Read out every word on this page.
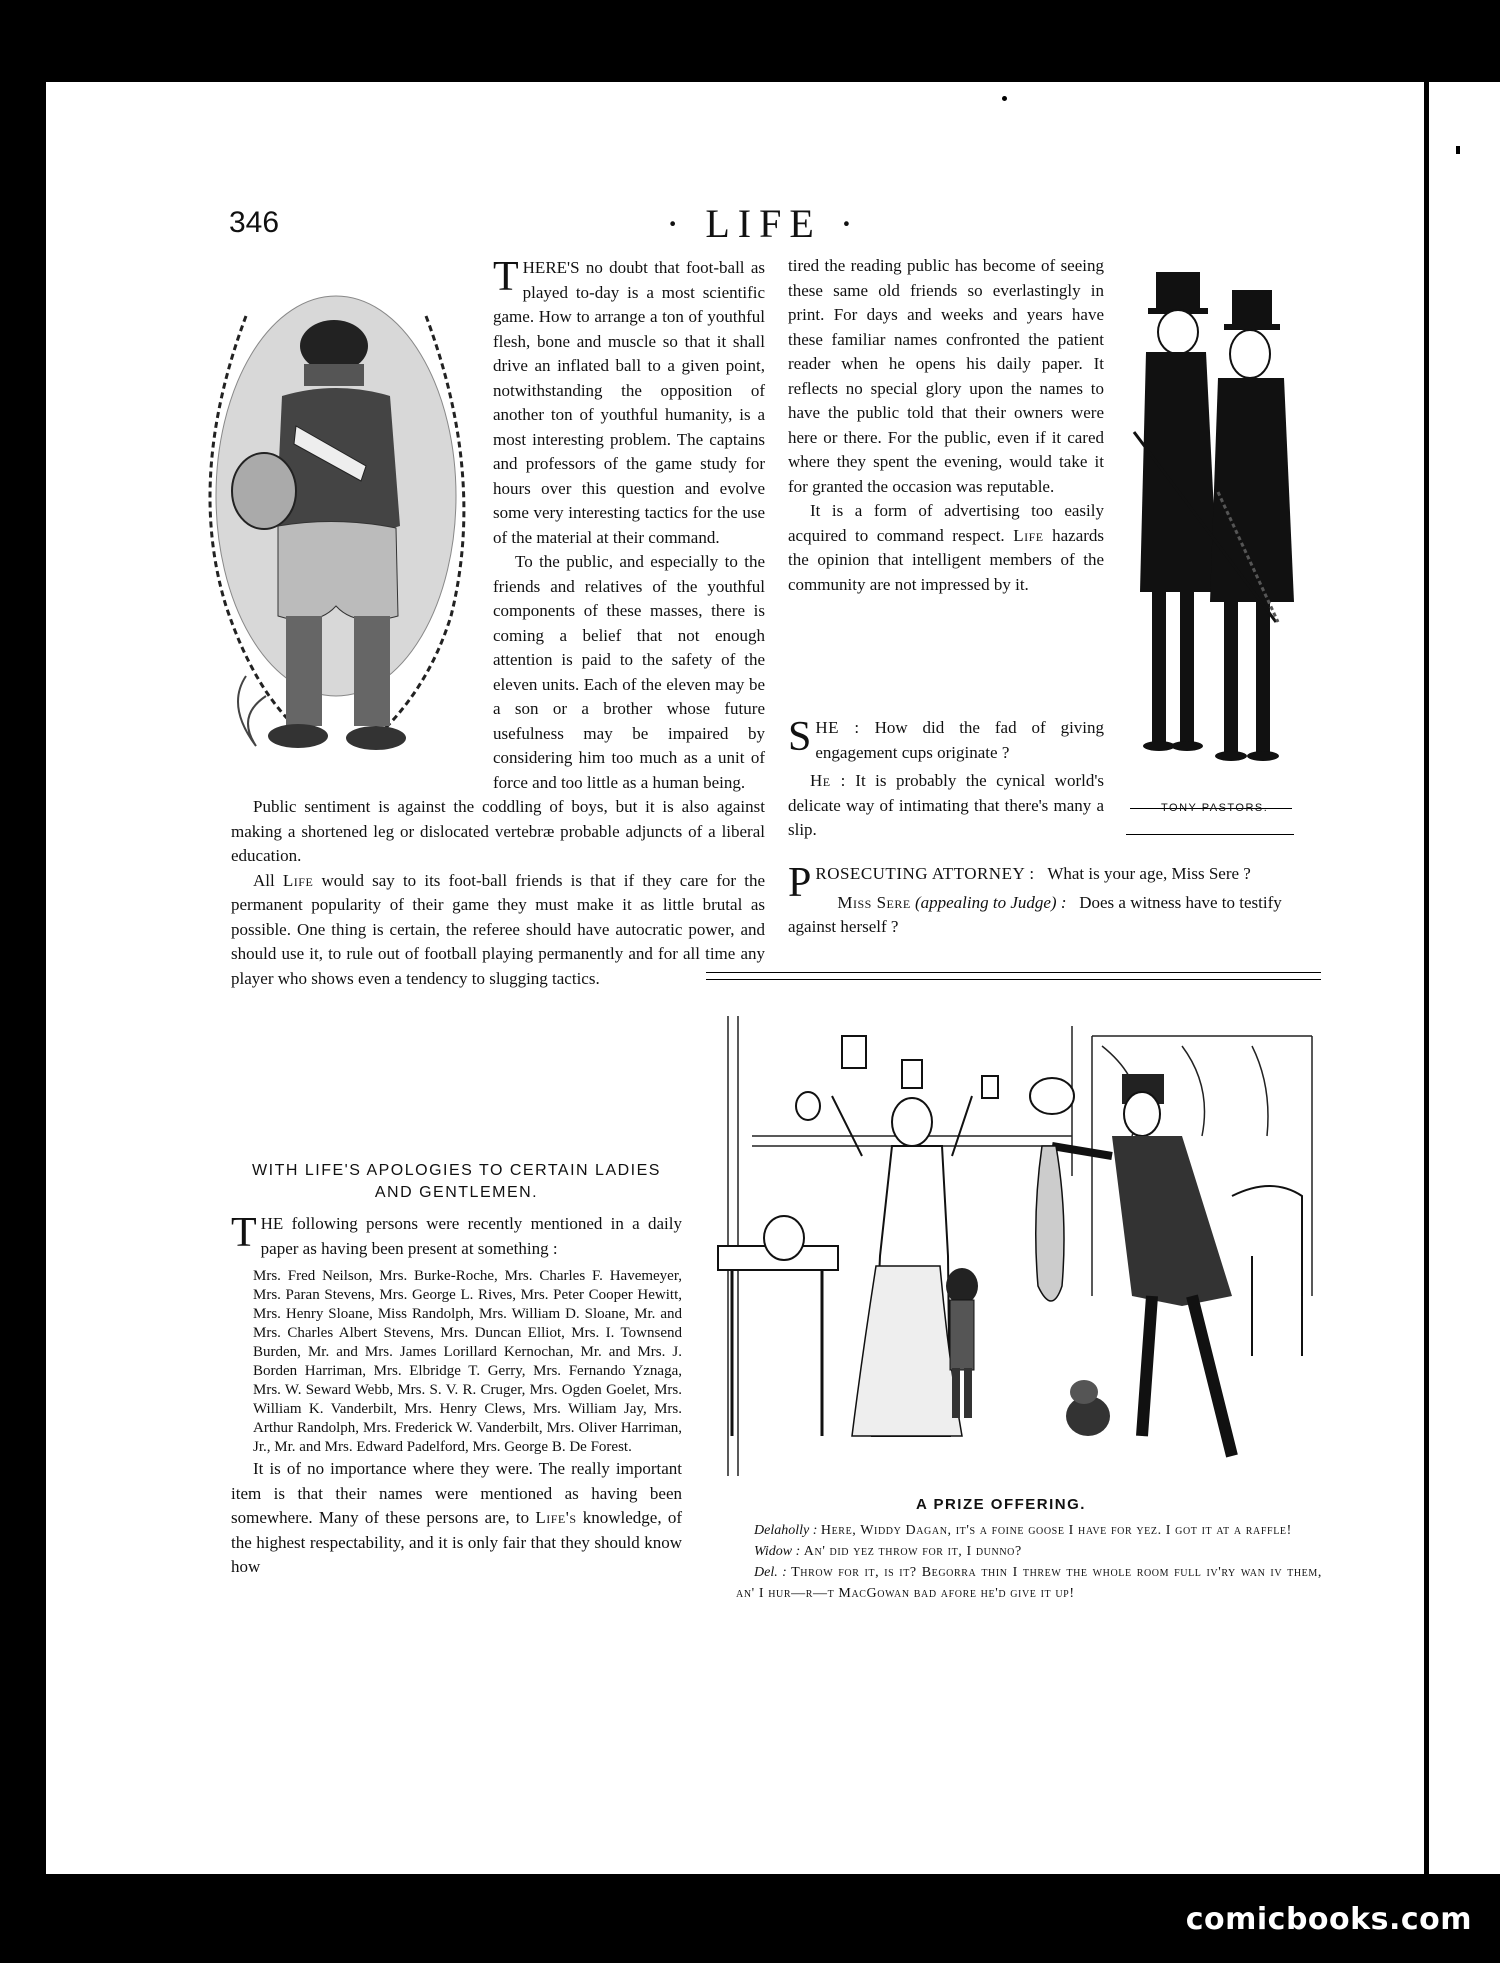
346	· LIFE ·

THERE'S no doubt that foot-ball as played to-day is a most scientific game. How to arrange a ton of youthful flesh, bone and muscle so that it shall drive an inflated ball to a given point, notwithstanding the opposition of another ton of youthful humanity, is a most interesting problem. The captains and professors of the game study for hours over this question and evolve some very interesting tactics for the use of the material at their command.

To the public, and especially to the friends and relatives of the youthful components of these masses, there is coming a belief that not enough attention is paid to the safety of the eleven units. Each of the eleven may be a son or a brother whose future usefulness may be impaired by considering him too much as a unit of force and too little as a human being.

Public sentiment is against the coddling of boys, but it is also against making a shortened leg or dislocated vertebræ probable adjuncts of a liberal education.

All Life would say to its foot-ball friends is that if they care for the permanent popularity of their game they must make it as little brutal as possible. One thing is certain, the referee should have autocratic power, and should use it, to rule out of football playing permanently and for all time any player who shows even a tendency to slugging tactics.

WITH LIFE'S APOLOGIES TO CERTAIN LADIES AND GENTLEMEN.

THE following persons were recently mentioned in a daily paper as having been present at something :

Mrs. Fred Neilson, Mrs. Burke-Roche, Mrs. Charles F. Havemeyer, Mrs. Paran Stevens, Mrs. George L. Rives, Mrs. Peter Cooper Hewitt, Mrs. Henry Sloane, Miss Randolph, Mrs. William D. Sloane, Mr. and Mrs. Charles Albert Stevens, Mrs. Duncan Elliot, Mrs. I. Townsend Burden, Mr. and Mrs. James Lorillard Kernochan, Mr. and Mrs. J. Borden Harriman, Mrs. Elbridge T. Gerry, Mrs. Fernando Yznaga, Mrs. W. Seward Webb, Mrs. S. V. R. Cruger, Mrs. Ogden Goelet, Mrs. William K. Vanderbilt, Mrs. Henry Clews, Mrs. William Jay, Mrs. Arthur Randolph, Mrs. Frederick W. Vanderbilt, Mrs. Oliver Harriman, Jr., Mr. and Mrs. Edward Padelford, Mrs. George B. De Forest.

It is of no importance where they were. The really important item is that their names were mentioned as having been somewhere. Many of these persons are, to Life's knowledge, of the highest respectability, and it is only fair that they should know how

tired the reading public has become of seeing these same old friends so everlastingly in print. For days and weeks and years have these familiar names confronted the patient reader when he opens his daily paper. It reflects no special glory upon the names to have the public told that their owners were here or there. For the public, even if it cared where they spent the evening, would take it for granted the occasion was reputable.

It is a form of advertising too easily acquired to command respect. Life hazards the opinion that intelligent members of the community are not impressed by it.

SHE : How did the fad of giving engagement cups originate ?

He : It is probably the cynical world's delicate way of intimating that there's many a slip.

TONY PASTORS.

PROSECUTING ATTORNEY : What is your age, Miss Sere ?

Miss Sere (appealing to Judge) : Does a witness have to testify against herself ?

A PRIZE OFFERING.

Delaholly : Here, Widdy Dagan, it's a foine goose I have for yez. I got it at a raffle!

Widow : An' did yez throw for it, I dunno?

Del. : Throw for it, is it? Begorra thin I threw the whole room full iv'ry wan iv them, an' I hur—r—t MacGowan bad afore he'd give it up!

comicbooks.com
